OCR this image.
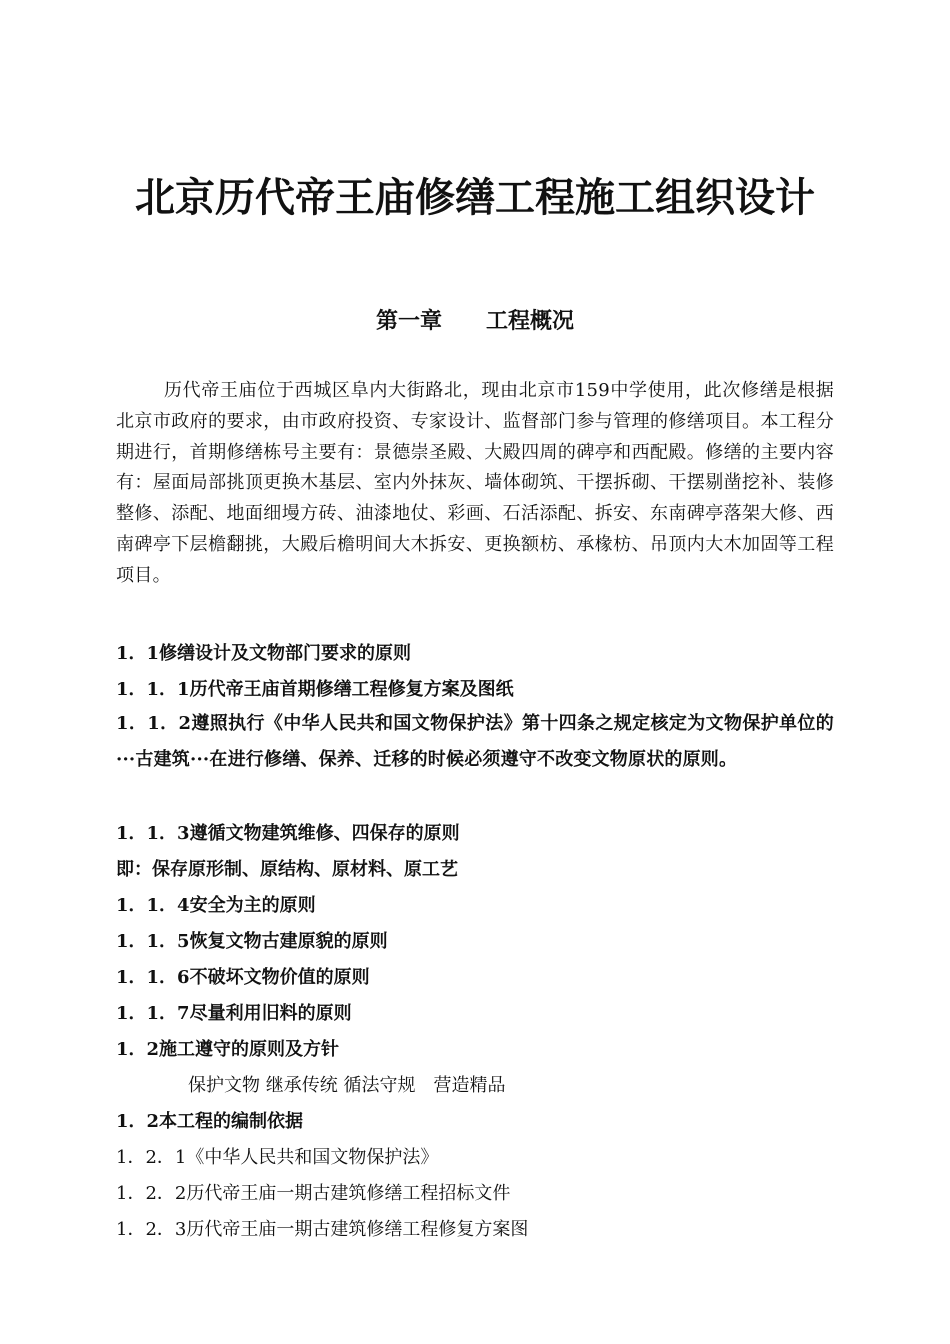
北京历代帝王庙修缮工程施工组织设计
第一章　　工程概况

历代帝王庙位于西城区阜内大街路北，现由北京市159中学使用，此次修缮是根据北京市政府的要求，由市政府投资、专家设计、监督部门参与管理的修缮项目。本工程分期进行，首期修缮栋号主要有：景德崇圣殿、大殿四周的碑亭和西配殿。修缮的主要内容有：屋面局部挑顶更换木基层、室内外抹灰、墙体砌筑、干摆拆砌、干摆剔凿挖补、装修整修、添配、地面细墁方砖、油漆地仗、彩画、石活添配、拆安、东南碑亭落架大修、西南碑亭下层檐翻挑，大殿后檐明间大木拆安、更换额枋、承椽枋、吊顶内大木加固等工程项目。

1．1修缮设计及文物部门要求的原则
1．1．1历代帝王庙首期修缮工程修复方案及图纸

1．1．2遵照执行《中华人民共和国文物保护法》第十四条之规定核定为文物保护单位的···古建筑···在进行修缮、保养、迁移的时候必须遵守不改变文物原状的原则。

1．1．3遵循文物建筑维修、四保存的原则
即：保存原形制、原结构、原材料、原工艺
1．1．4安全为主的原则
1．1．5恢复文物古建原貌的原则
1．1．6不破坏文物价值的原则
1．1．7尽量利用旧料的原则
1．2施工遵守的原则及方针
保护文物 继承传统 循法守规　营造精品
1．2本工程的编制依据
1．2．1《中华人民共和国文物保护法》
1．2．2历代帝王庙一期古建筑修缮工程招标文件
1．2．3历代帝王庙一期古建筑修缮工程修复方案图
